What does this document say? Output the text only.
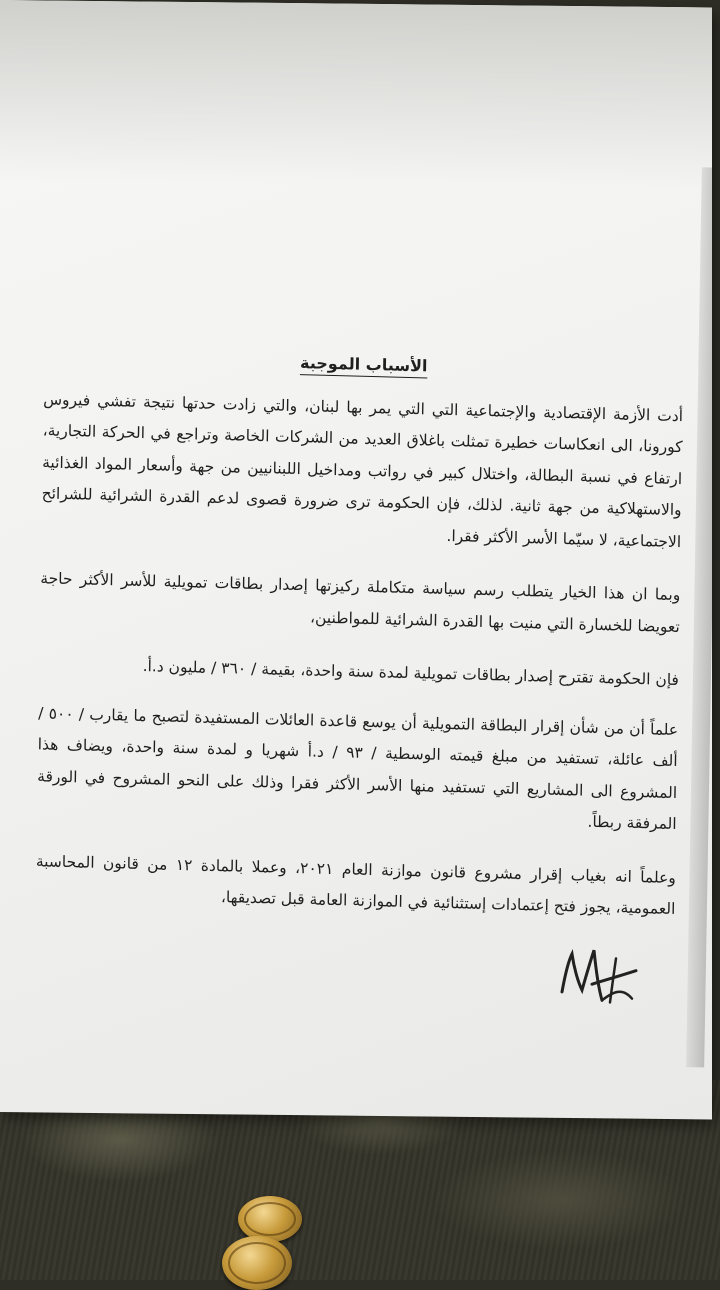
الأسباب الموجبة

أدت الأزمة الإقتصادية والإجتماعية التي التي يمر بها لبنان، والتي زادت حدتها نتيجة تفشي فيروس كورونا، الى انعكاسات خطيرة تمثلت باغلاق العديد من الشركات الخاصة وتراجع في الحركة التجارية، ارتفاع في نسبة البطالة، واختلال كبير في رواتب ومداخيل اللبنانيين من جهة وأسعار المواد الغذائية والاستهلاكية من جهة ثانية. لذلك، فإن الحكومة ترى ضرورة قصوى لدعم القدرة الشرائية للشرائح الاجتماعية، لا سيّما الأسر الأكثر فقرا.

وبما ان هذا الخيار يتطلب رسم سياسة متكاملة ركيزتها إصدار بطاقات تمويلية للأسر الأكثر حاجة تعويضا للخسارة التي منيت بها القدرة الشرائية للمواطنين،

فإن الحكومة تقترح إصدار بطاقات تمويلية لمدة سنة واحدة، بقيمة / ٣٦٠ / مليون د.أ.

علماً أن من شأن إقرار البطاقة التمويلية أن يوسع قاعدة العائلات المستفيدة لتصبح ما يقارب / ٥٠٠ / ألف عائلة، تستفيد من مبلغ قيمته الوسطية / ٩٣ / د.أ شهريا و لمدة سنة واحدة، ويضاف هذا المشروع الى المشاريع التي تستفيد منها الأسر الأكثر فقرا وذلك على النحو المشروح في الورقة المرفقة ربطاً.

وعلماً انه بغياب إقرار مشروع قانون موازنة العام ٢٠٢١، وعملا بالمادة ١٢ من قانون المحاسبة العمومية، يجوز فتح إعتمادات إستثنائية في الموازنة العامة قبل تصديقها،
